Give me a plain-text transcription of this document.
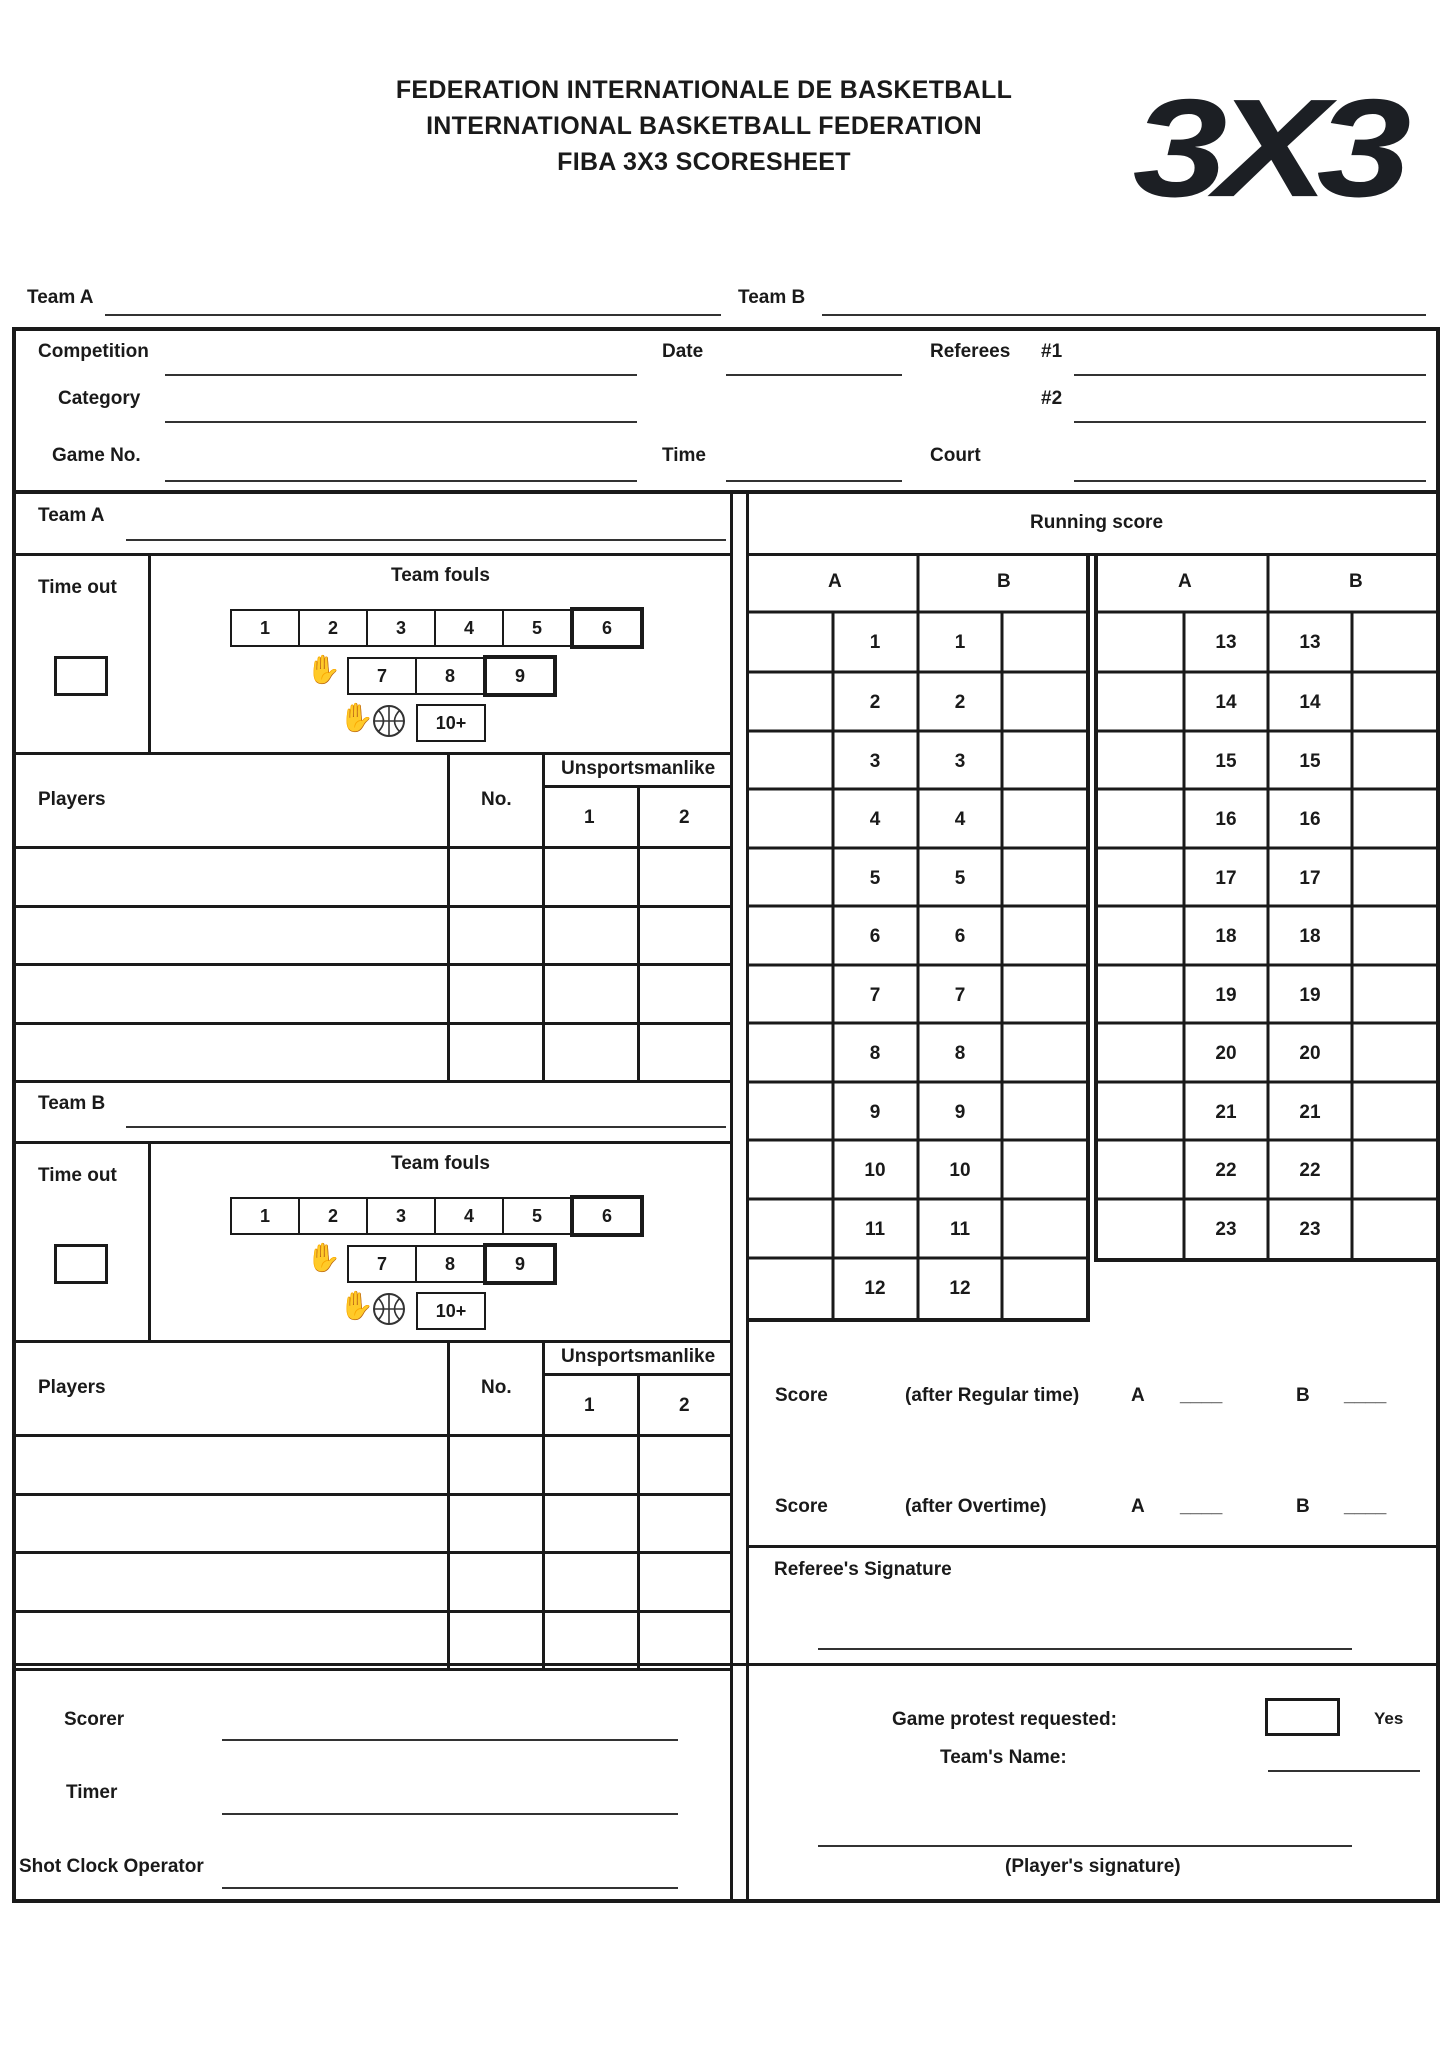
FEDERATION INTERNATIONALE DE BASKETBALL
INTERNATIONAL BASKETBALL FEDERATION
FIBA 3X3 SCORESHEET	3X3
Team A	Team B
Competition
Category
Game No.
Date
Time
Referees #1
#2
Court
Team A
Time out
Team fouls
1	2	3	4	5	6
✋	7	8	9
✋	10+
Players	No.
Unsportsmanlike
1	2
Team B
Time out
Team fouls
1	2	3	4	5	6
✋	7	8	9
✋	10+
Players	No.
Unsportsmanlike
1	2
Scorer
Timer
Shot Clock Operator
Running score
A	B	A	B
1	1
2	2
3	3
4	4
5	5
6	6
7	7
8	8
9	9
10	10
11	11
12	12
13	13
14	14
15	15
16	16
17	17
18	18
19	19
20	20
21	21
22	22
23	23
Score	(after Regular time)	A ____	B ____
Score	(after Overtime)	A ____	B ____
Referee's Signature
Game protest requested:	Yes
Team's Name:
(Player's signature)
